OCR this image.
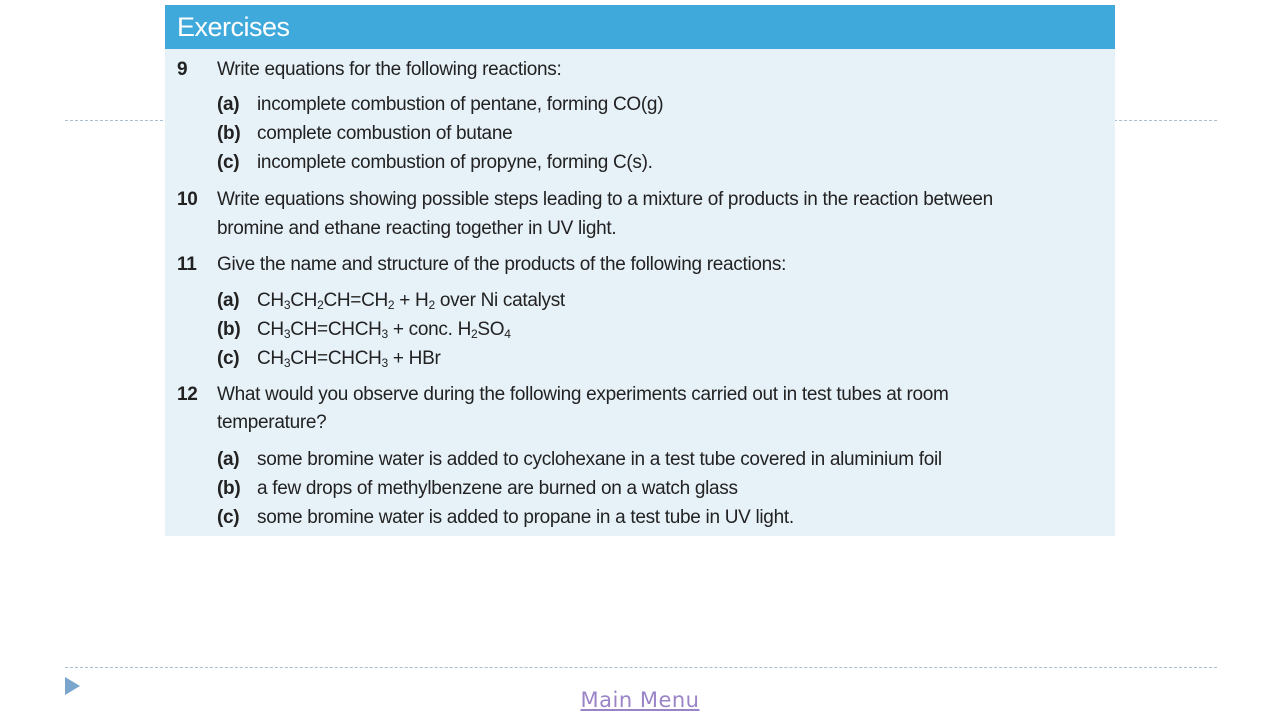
Exercises
9 Write equations for the following reactions:
(a) incomplete combustion of pentane, forming CO(g)
(b) complete combustion of butane
(c) incomplete combustion of propyne, forming C(s).
10 Write equations showing possible steps leading to a mixture of products in the reaction between
bromine and ethane reacting together in UV light.
11 Give the name and structure of the products of the following reactions:
(a) $CH_3CH_2CH=CH_2 + H_2$ over Ni catalyst
(b) $CH_3CH=CHCH_3$ + conc. $H_2SO_4$
(c) $CH_3CH=CHCH_3$ + HBr
12 What would you observe during the following experiments carried out in test tubes at room
temperature?
(a) some bromine water is added to cyclohexane in a test tube covered in aluminium foil
(b) a few drops of methylbenzene are burned on a watch glass
(c) some bromine water is added to propane in a test tube in UV light.
Main Menu
